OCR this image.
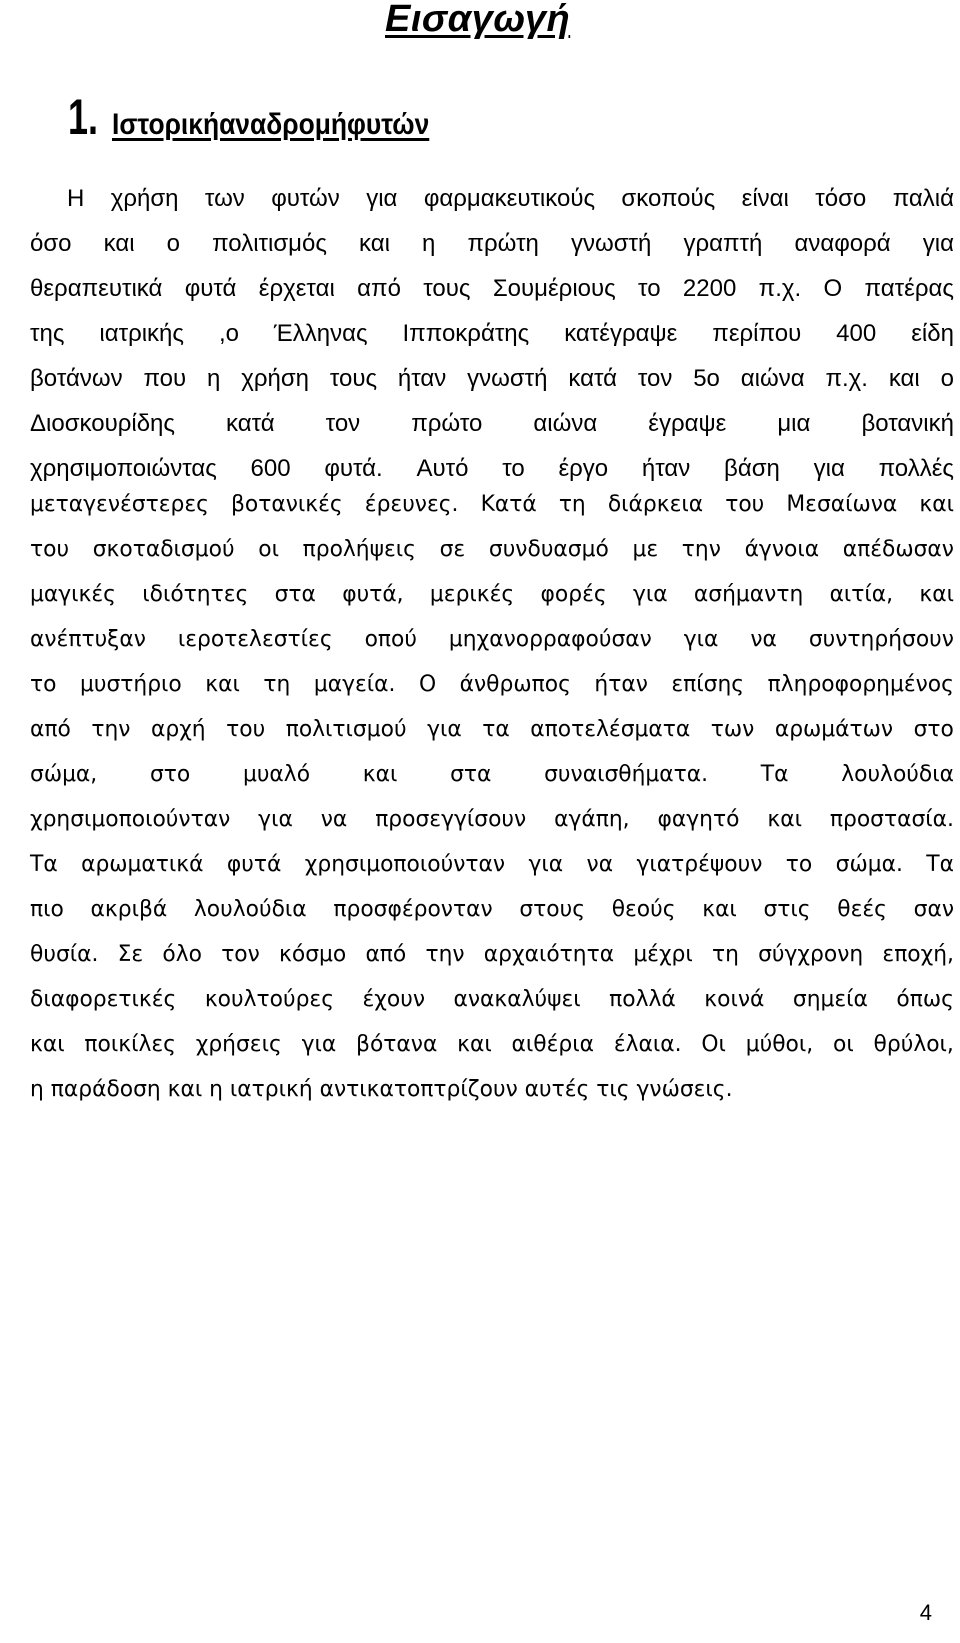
Εισαγωγή
1. Ιστορικήαναδρομήφυτών
Η χρήση των φυτών για φαρμακευτικούς σκοπούς είναι τόσο παλιά
όσο και ο πολιτισμός και η πρώτη γνωστή γραπτή αναφορά για
θεραπευτικά φυτά έρχεται από τους Σουμέριους το 2200 π.χ. Ο πατέρας
της ιατρικής ,ο Έλληνας Ιπποκράτης κατέγραψε περίπου 400 είδη
βοτάνων που η χρήση τους ήταν γνωστή κατά τον 5ο αιώνα π.χ. και ο
Διοσκουρίδης κατά τον πρώτο αιώνα έγραψε μια βοτανική
χρησιμοποιώντας 600 φυτά. Αυτό το έργο ήταν βάση για πολλές
μεταγενέστερες βοτανικές έρευνες. Κατά τη διάρκεια του Μεσαίωνα και
του σκοταδισμού οι προλήψεις σε συνδυασμό με την άγνοια απέδωσαν
μαγικές ιδιότητες στα φυτά, μερικές φορές για ασήμαντη αιτία, και
ανέπτυξαν ιεροτελεστίες οπού μηχανορραφούσαν για να συντηρήσουν
το μυστήριο και τη μαγεία. Ο άνθρωπος ήταν επίσης πληροφορημένος
από την αρχή του πολιτισμού για τα αποτελέσματα των αρωμάτων στο
σώμα, στο μυαλό και στα συναισθήματα. Τα λουλούδια
χρησιμοποιούνταν για να προσεγγίσουν αγάπη, φαγητό και προστασία.
Τα αρωματικά φυτά χρησιμοποιούνταν για να γιατρέψουν το σώμα. Τα
πιο ακριβά λουλούδια προσφέρονταν στους θεούς και στις θεές σαν
θυσία. Σε όλο τον κόσμο από την αρχαιότητα μέχρι τη σύγχρονη εποχή,
διαφορετικές κουλτούρες έχουν ανακαλύψει πολλά κοινά σημεία όπως
και ποικίλες χρήσεις για βότανα και αιθέρια έλαια. Οι μύθοι, οι θρύλοι,
η παράδοση και η ιατρική αντικατοπτρίζουν αυτές τις γνώσεις.

4
